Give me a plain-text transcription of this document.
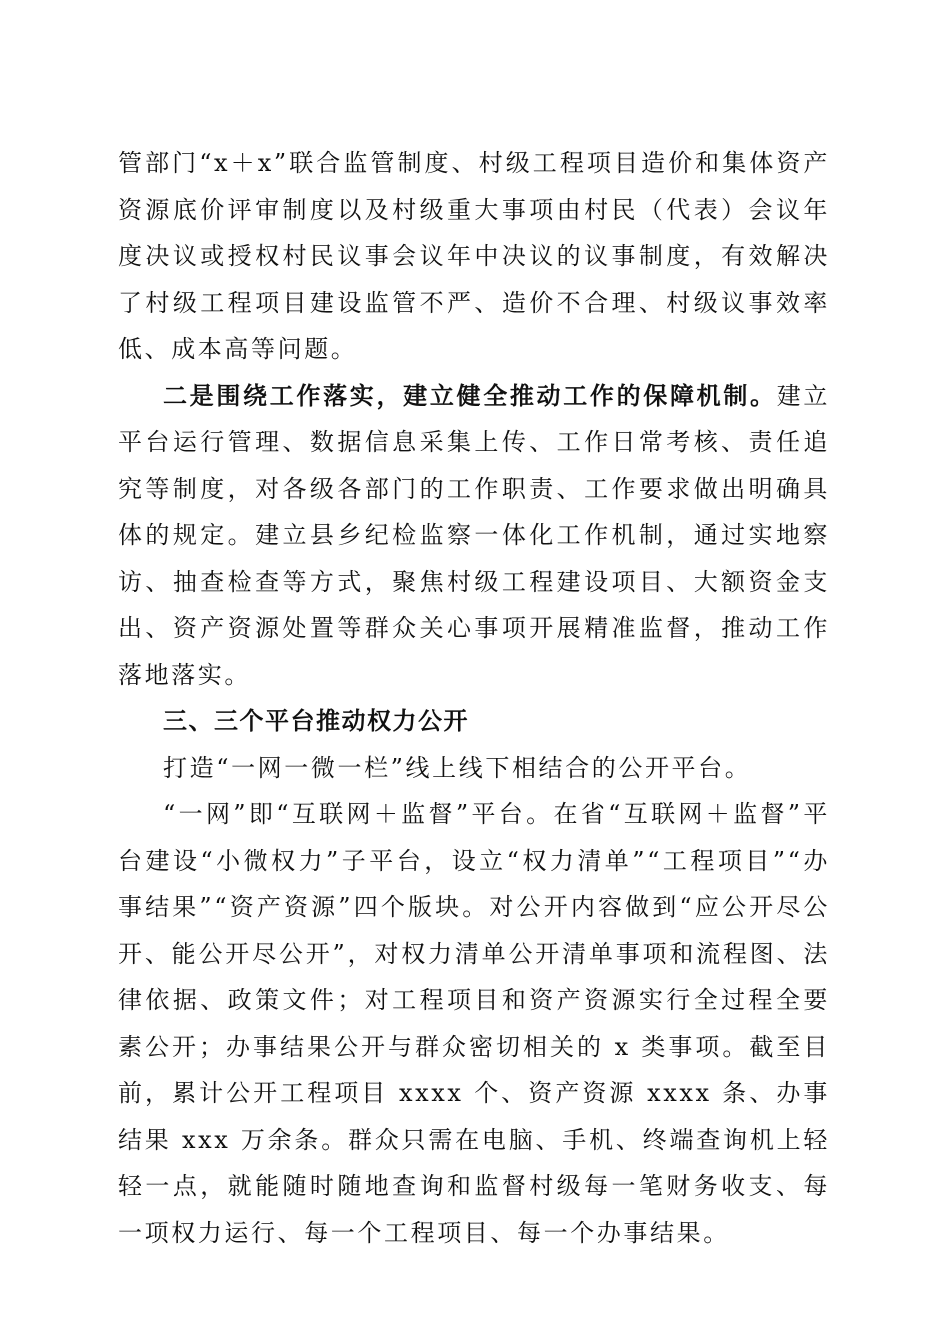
管部门“x＋x”联合监管制度、村级工程项目造价和集体资产资源底价评审制度以及村级重大事项由村民（代表）会议年度决议或授权村民议事会议年中决议的议事制度，有效解决了村级工程项目建设监管不严、造价不合理、村级议事效率低、成本高等问题。

二是围绕工作落实，建立健全推动工作的保障机制。建立平台运行管理、数据信息采集上传、工作日常考核、责任追究等制度，对各级各部门的工作职责、工作要求做出明确具体的规定。建立县乡纪检监察一体化工作机制，通过实地察访、抽查检查等方式，聚焦村级工程建设项目、大额资金支出、资产资源处置等群众关心事项开展精准监督，推动工作落地落实。

三、三个平台推动权力公开

打造“一网一微一栏”线上线下相结合的公开平台。

“一网”即“互联网＋监督”平台。在省“互联网＋监督”平台建设“小微权力”子平台，设立“权力清单”“工程项目”“办事结果”“资产资源”四个版块。对公开内容做到“应公开尽公开、能公开尽公开”，对权力清单公开清单事项和流程图、法律依据、政策文件；对工程项目和资产资源实行全过程全要素公开；办事结果公开与群众密切相关的 x 类事项。截至目前，累计公开工程项目 xxxx 个、资产资源 xxxx 条、办事结果 xxx 万余条。群众只需在电脑、手机、终端查询机上轻轻一点，就能随时随地查询和监督村级每一笔财务收支、每一项权力运行、每一个工程项目、每一个办事结果。
